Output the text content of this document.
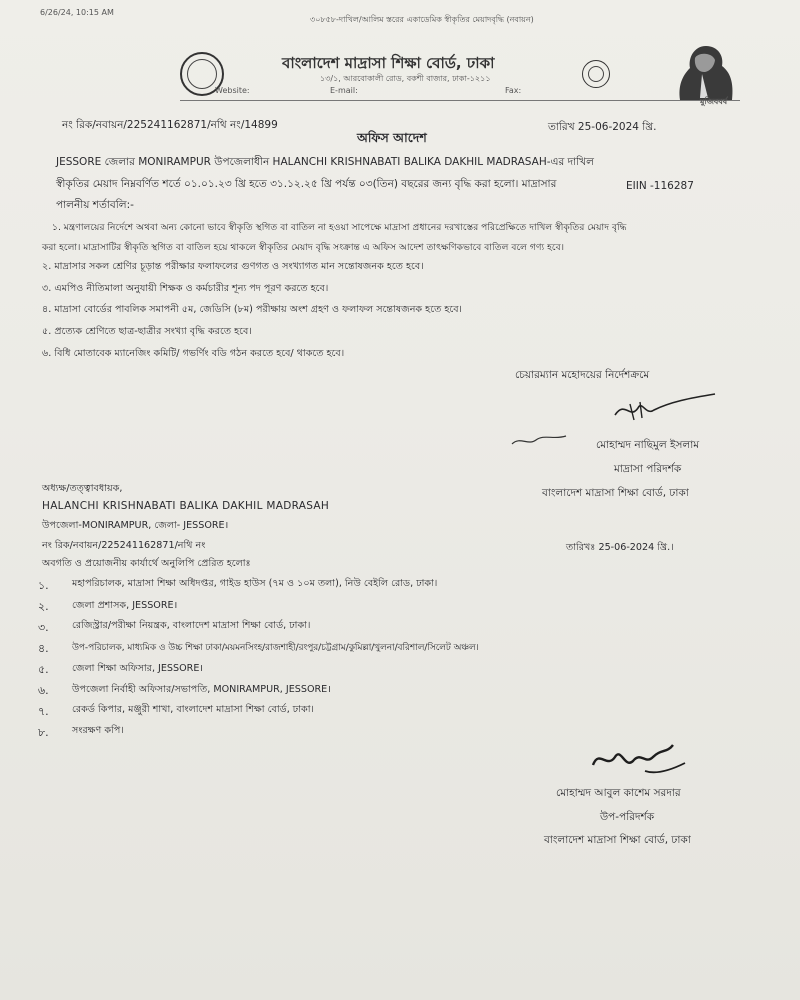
6/26/24, 10:15 AM
৩০৮৫৮-দাখিল/আলিম স্তরের একাডেমিক স্বীকৃতির মেয়াদবৃদ্ধি (নবায়ন)
বাংলাদেশ মাদ্রাসা শিক্ষা বোর্ড, ঢাকা
১৩/১, আরবোকালী রোড, বকশী বাজার, ঢাকা-১২১১
Website:	E-mail:	Fax:
মুজিববর্ষ
নং রিক/নবায়ন/225241162871/নথি নং/14899
অফিস আদেশ
তারিখ 25-06-2024 খ্রি.
JESSORE জেলার MONIRAMPUR উপজেলাধীন HALANCHI KRISHNABATI BALIKA DAKHIL MADRASAH-এর দাখিল
স্বীকৃতির মেয়াদ নিম্নবর্ণিত শর্তে ০১.০১.২৩ খ্রি হতে ৩১.১২.২৫ খ্রি পর্যন্ত ০৩(তিন) বছরের জন্য বৃদ্ধি করা হলো। মাদ্রাসার	EIIN -116287
পালনীয় শর্তাবলি:-
১. মন্ত্রণালয়ের নির্দেশে অথবা অন্য কোনো ভাবে স্বীকৃতি স্থগিত বা বাতিল না হওয়া সাপেক্ষে মাদ্রাসা প্রধানের দরখাস্তের পরিপ্রেক্ষিতে দাখিল স্বীকৃতির মেয়াদ বৃদ্ধি
করা হলো। মাদ্রাসাটির স্বীকৃতি স্থগিত বা বাতিল হয়ে থাকলে স্বীকৃতির মেয়াদ বৃদ্ধি সংক্রান্ত এ অফিস আদেশ তাৎক্ষণিকভাবে বাতিল বলে গণ্য হবে।
২. মাদ্রাসার সকল শ্রেণির চূড়ান্ত পরীক্ষার ফলাফলের গুণগত ও সংখ্যাগত মান সন্তোষজনক হতে হবে।
৩. এমপিও নীতিমালা অনুযায়ী শিক্ষক ও কর্মচারীর শূন্য পদ পূরণ করতে হবে।
৪. মাদ্রাসা বোর্ডের পাবলিক সমাপনী ৫ম, জেডিসি (৮ম) পরীক্ষায় অংশ গ্রহণ ও ফলাফল সন্তোষজনক হতে হবে।
৫. প্রত্যেক শ্রেণিতে ছাত্র-ছাত্রীর সংখ্যা বৃদ্ধি করতে হবে।
৬. বিধি মোতাবেক ম্যানেজিং কমিটি/ গভর্ণিং বডি গঠন করতে হবে/ থাকতে হবে।
চেয়ারম্যান মহোদয়ের নির্দেশক্রমে
মোহাম্মদ নাছিমুল ইসলাম
মাদ্রাসা পরিদর্শক
বাংলাদেশ মাদ্রাসা শিক্ষা বোর্ড, ঢাকা
অধ্যক্ষ/তত্ত্বাবধায়ক,
HALANCHI KRISHNABATI BALIKA DAKHIL MADRASAH
উপজেলা-MONIRAMPUR, জেলা- JESSORE।
নং রিক/নবায়ন/225241162871/নথি নং	তারিখঃ 25-06-2024 খ্রি.।
অবগতি ও প্রয়োজনীয় কার্যার্থে অনুলিপি প্রেরিত হলোঃ
১.	মহাপরিচালক, মাদ্রাসা শিক্ষা অধিদপ্তর, গাইড হাউস (৭ম ও ১০ম তলা), নিউ বেইলি রোড, ঢাকা।
২.	জেলা প্রশাসক, JESSORE।
৩.	রেজিস্ট্রার/পরীক্ষা নিয়ন্ত্রক, বাংলাদেশ মাদ্রাসা শিক্ষা বোর্ড, ঢাকা।
৪.	উপ-পরিচালক, মাধ্যমিক ও উচ্চ শিক্ষা ঢাকা/ময়মনসিংহ/রাজশাহী/রংপুর/চট্টগ্রাম/কুমিল্লা/খুলনা/বরিশাল/সিলেট অঞ্চল।
৫.	জেলা শিক্ষা অফিসার, JESSORE।
৬.	উপজেলা নির্বাহী অফিসার/সভাপতি, MONIRAMPUR, JESSORE।
৭.	রেকর্ড কিপার, মঞ্জুরী শাখা, বাংলাদেশ মাদ্রাসা শিক্ষা বোর্ড, ঢাকা।
৮.	সংরক্ষণ কপি।
মোহাম্মদ আবুল কাশেম সরদার
উপ-পরিদর্শক
বাংলাদেশ মাদ্রাসা শিক্ষা বোর্ড, ঢাকা
